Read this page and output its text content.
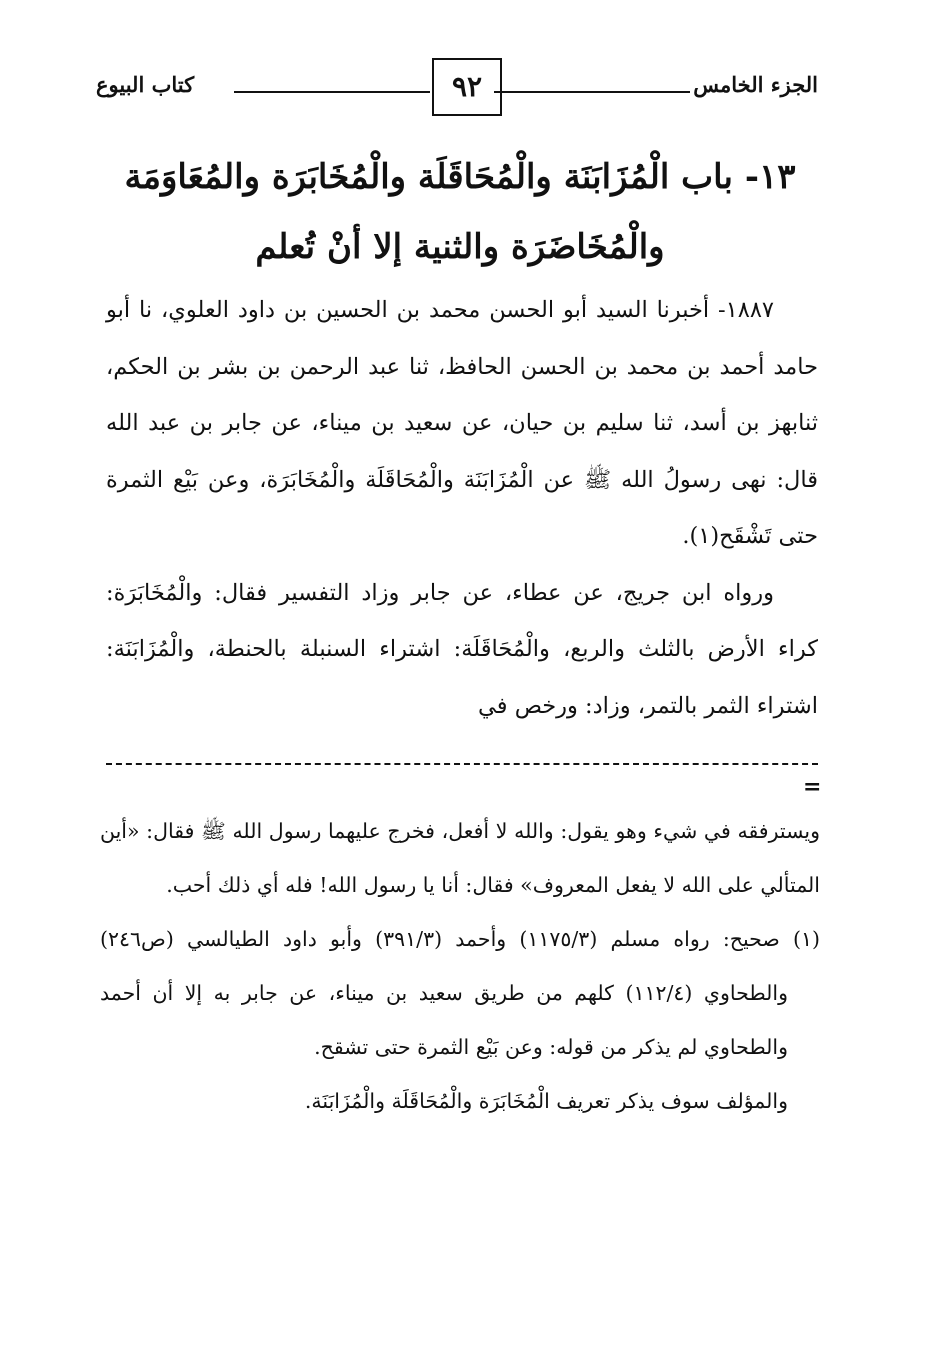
الجزء الخامس
٩٢
كتاب البيوع
١٣- باب الْمُزَابَنَة والْمُحَاقَلَة والْمُخَابَرَة والمُعَاوَمَة
والْمُخَاضَرَة والثنية إلا أنْ تُعلم

١٨٨٧- أخبرنا السيد أبو الحسن محمد بن الحسين بن داود العلوي، نا أبو حامد أحمد بن محمد بن الحسن الحافظ، ثنا عبد الرحمن بن بشر بن الحكم، ثنابهز بن أسد، ثنا سليم بن حيان، عن سعيد بن ميناء، عن جابر بن عبد الله قال: نهى رسولُ الله ﷺ عن الْمُزَابَنَة والْمُحَاقَلَة والْمُخَابَرَة، وعن بَيْع الثمرة حتى تَشْقَح(١).

ورواه ابن جريج، عن عطاء، عن جابر وزاد التفسير فقال: والْمُخَابَرَة: كراء الأرض بالثلث والربع، والْمُحَاقَلَة: اشتراء السنبلة بالحنطة، والْمُزَابَنَة: اشتراء الثمر بالتمر، وزاد: ورخص في

=

ويسترفقه في شيء وهو يقول: والله لا أفعل، فخرج عليهما رسول الله ﷺ فقال: «أين المتألي على الله لا يفعل المعروف» فقال: أنا يا رسول الله! فله أي ذلك أحب.

(١) صحيح: رواه مسلم (١١٧٥/٣) وأحمد (٣٩١/٣) وأبو داود الطيالسي (ص٢٤٦) والطحاوي (١١٢/٤) كلهم من طريق سعيد بن ميناء، عن جابر به إلا أن أحمد والطحاوي لم يذكر من قوله: وعن بَيْع الثمرة حتى تشقح.

والمؤلف سوف يذكر تعريف الْمُخَابَرَة والْمُحَاقَلَة والْمُزَابَنَة.
